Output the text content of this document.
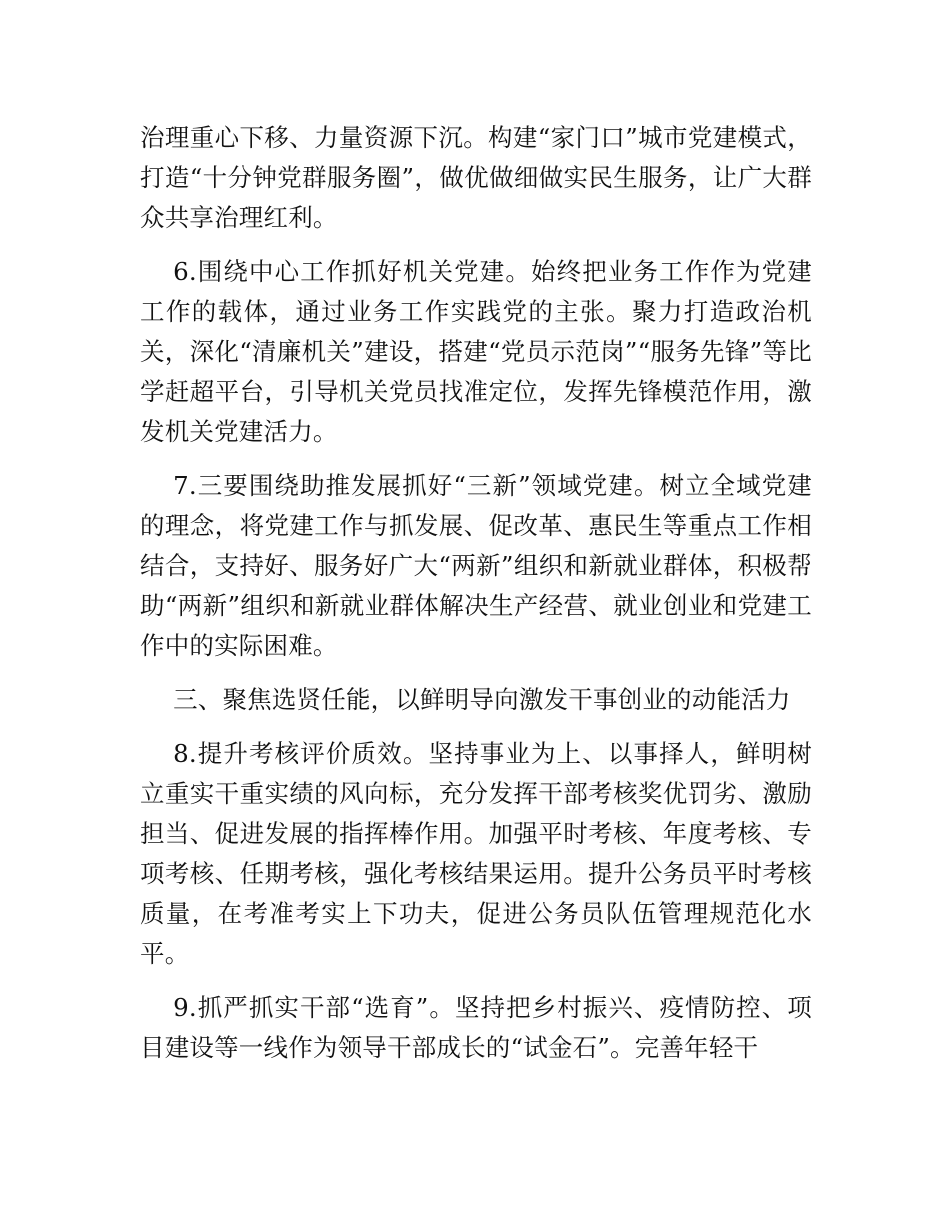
治理重心下移、力量资源下沉。构建“家门口”城市党建模式，打造“十分钟党群服务圈”，做优做细做实民生服务，让广大群众共享治理红利。

6.围绕中心工作抓好机关党建。始终把业务工作作为党建工作的载体，通过业务工作实践党的主张。聚力打造政治机关，深化“清廉机关”建设，搭建“党员示范岗”“服务先锋”等比学赶超平台，引导机关党员找准定位，发挥先锋模范作用，激发机关党建活力。

7.三要围绕助推发展抓好“三新”领域党建。树立全域党建的理念，将党建工作与抓发展、促改革、惠民生等重点工作相结合，支持好、服务好广大“两新”组织和新就业群体，积极帮助“两新”组织和新就业群体解决生产经营、就业创业和党建工作中的实际困难。

三、聚焦选贤任能，以鲜明导向激发干事创业的动能活力

8.提升考核评价质效。坚持事业为上、以事择人，鲜明树立重实干重实绩的风向标，充分发挥干部考核奖优罚劣、激励担当、促进发展的指挥棒作用。加强平时考核、年度考核、专项考核、任期考核，强化考核结果运用。提升公务员平时考核质量，在考准考实上下功夫，促进公务员队伍管理规范化水平。

9.抓严抓实干部“选育”。坚持把乡村振兴、疫情防控、项目建设等一线作为领导干部成长的“试金石”。完善年轻干
